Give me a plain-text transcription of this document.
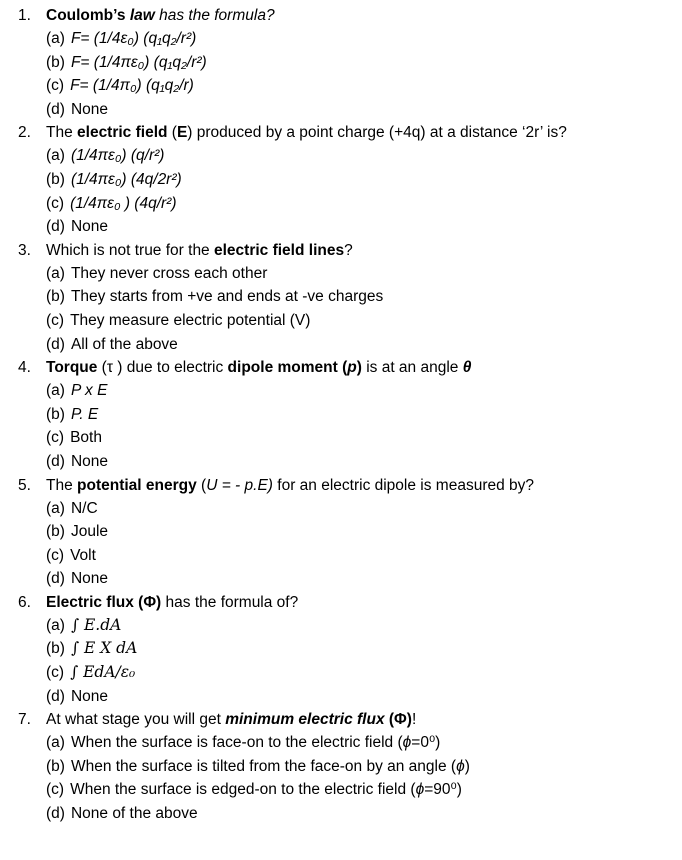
1. Coulomb’s law has the formula?
(a) F= (1/4ε₀) (q₁q₂/r²)
(b) F= (1/4πε₀) (q₁q₂/r²)
(c) F= (1/4π₀) (q₁q₂/r)
(d) None
2. The electric field (E) produced by a point charge (+4q) at a distance ‘2r’ is?
(a) (1/4πε₀) (q/r²)
(b) (1/4πε₀) (4q/2r²)
(c) (1/4πε₀ ) (4q/r²)
(d) None
3. Which is not true for the electric field lines?
(a) They never cross each other
(b) They starts from +ve and ends at -ve charges
(c) They measure electric potential (V)
(d) All of the above
4. Torque (τ ) due to electric dipole moment (p) is at an angle θ
(a) P x E
(b) P. E
(c) Both
(d) None
5. The potential energy (U = - p.E) for an electric dipole is measured by?
(a) N/C
(b) Joule
(c) Volt
(d) None
6. Electric flux (Φ) has the formula of?
(a) ∫ E.dA
(b) ∫ E X dA
(c) ∫ EdA/ε₀
(d) None
7. At what stage you will get minimum electric flux (Φ)!
(a) When the surface is face-on to the electric field (ϕ=0⁰)
(b) When the surface is tilted from the face-on by an angle (ϕ)
(c) When the surface is edged-on to the electric field (ϕ=90⁰)
(d) None of the above
